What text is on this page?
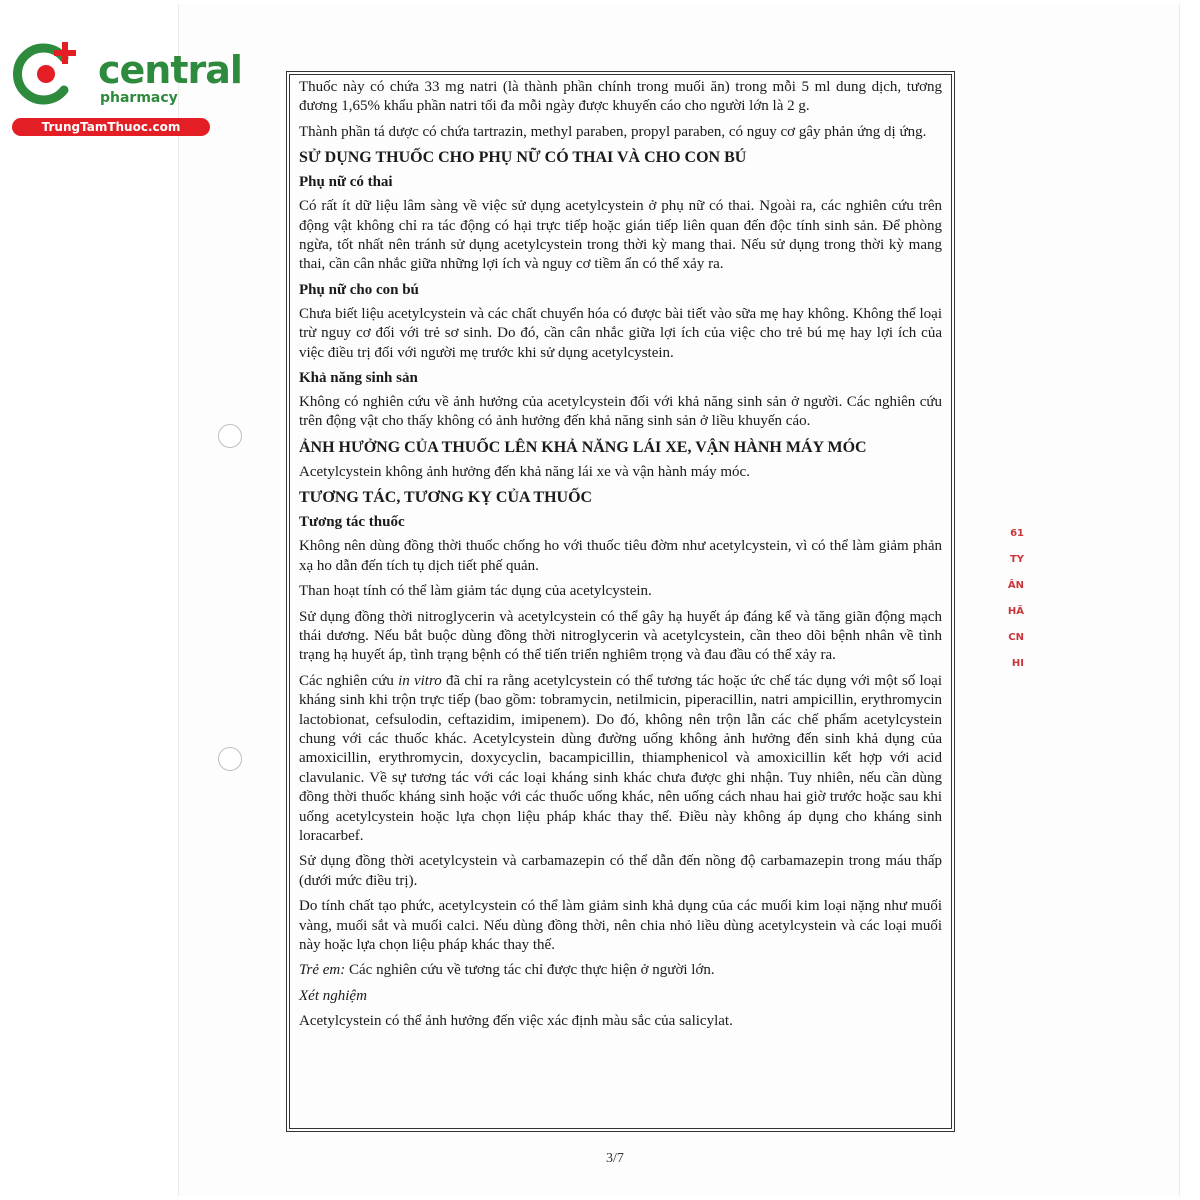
central
pharmacy
TrungTamThuoc.com

Thuốc này có chứa 33 mg natri (là thành phần chính trong muối ăn) trong mỗi 5 ml dung dịch, tương đương 1,65% khẩu phần natri tối đa mỗi ngày được khuyến cáo cho người lớn là 2 g.

Thành phần tá dược có chứa tartrazin, methyl paraben, propyl paraben, có nguy cơ gây phản ứng dị ứng.

SỬ DỤNG THUỐC CHO PHỤ NỮ CÓ THAI VÀ CHO CON BÚ
Phụ nữ có thai

Có rất ít dữ liệu lâm sàng về việc sử dụng acetylcystein ở phụ nữ có thai. Ngoài ra, các nghiên cứu trên động vật không chỉ ra tác động có hại trực tiếp hoặc gián tiếp liên quan đến độc tính sinh sản. Để phòng ngừa, tốt nhất nên tránh sử dụng acetylcystein trong thời kỳ mang thai. Nếu sử dụng trong thời kỳ mang thai, cần cân nhắc giữa những lợi ích và nguy cơ tiềm ẩn có thể xảy ra.

Phụ nữ cho con bú

Chưa biết liệu acetylcystein và các chất chuyển hóa có được bài tiết vào sữa mẹ hay không. Không thể loại trừ nguy cơ đối với trẻ sơ sinh. Do đó, cần cân nhắc giữa lợi ích của việc cho trẻ bú mẹ hay lợi ích của việc điều trị đối với người mẹ trước khi sử dụng acetylcystein.

Khả năng sinh sản

Không có nghiên cứu về ảnh hưởng của acetylcystein đối với khả năng sinh sản ở người. Các nghiên cứu trên động vật cho thấy không có ảnh hưởng đến khả năng sinh sản ở liều khuyến cáo.

ẢNH HƯỞNG CỦA THUỐC LÊN KHẢ NĂNG LÁI XE, VẬN HÀNH MÁY MÓC

Acetylcystein không ảnh hưởng đến khả năng lái xe và vận hành máy móc.

TƯƠNG TÁC, TƯƠNG KỴ CỦA THUỐC
Tương tác thuốc

Không nên dùng đồng thời thuốc chống ho với thuốc tiêu đờm như acetylcystein, vì có thể làm giảm phản xạ ho dẫn đến tích tụ dịch tiết phế quản.

Than hoạt tính có thể làm giảm tác dụng của acetylcystein.

Sử dụng đồng thời nitroglycerin và acetylcystein có thể gây hạ huyết áp đáng kể và tăng giãn động mạch thái dương. Nếu bắt buộc dùng đồng thời nitroglycerin và acetylcystein, cần theo dõi bệnh nhân về tình trạng hạ huyết áp, tình trạng bệnh có thể tiến triển nghiêm trọng và đau đầu có thể xảy ra.

Các nghiên cứu in vitro đã chỉ ra rằng acetylcystein có thể tương tác hoặc ức chế tác dụng với một số loại kháng sinh khi trộn trực tiếp (bao gồm: tobramycin, netilmicin, piperacillin, natri ampicillin, erythromycin lactobionat, cefsulodin, ceftazidim, imipenem). Do đó, không nên trộn lẫn các chế phẩm acetylcystein chung với các thuốc khác. Acetylcystein dùng đường uống không ảnh hưởng đến sinh khả dụng của amoxicillin, erythromycin, doxycyclin, bacampicillin, thiamphenicol và amoxicillin kết hợp với acid clavulanic. Về sự tương tác với các loại kháng sinh khác chưa được ghi nhận. Tuy nhiên, nếu cần dùng đồng thời thuốc kháng sinh hoặc với các thuốc uống khác, nên uống cách nhau hai giờ trước hoặc sau khi uống acetylcystein hoặc lựa chọn liệu pháp khác thay thế. Điều này không áp dụng cho kháng sinh loracarbef.

Sử dụng đồng thời acetylcystein và carbamazepin có thể dẫn đến nồng độ carbamazepin trong máu thấp (dưới mức điều trị).

Do tính chất tạo phức, acetylcystein có thể làm giảm sinh khả dụng của các muối kim loại nặng như muối vàng, muối sắt và muối calci. Nếu dùng đồng thời, nên chia nhỏ liều dùng acetylcystein và các loại muối này hoặc lựa chọn liệu pháp khác thay thế.

Trẻ em: Các nghiên cứu về tương tác chỉ được thực hiện ở người lớn.

Xét nghiệm

Acetylcystein có thể ảnh hưởng đến việc xác định màu sắc của salicylat.

3/7
61
TY
ÂN
HÃ
CN
HI
